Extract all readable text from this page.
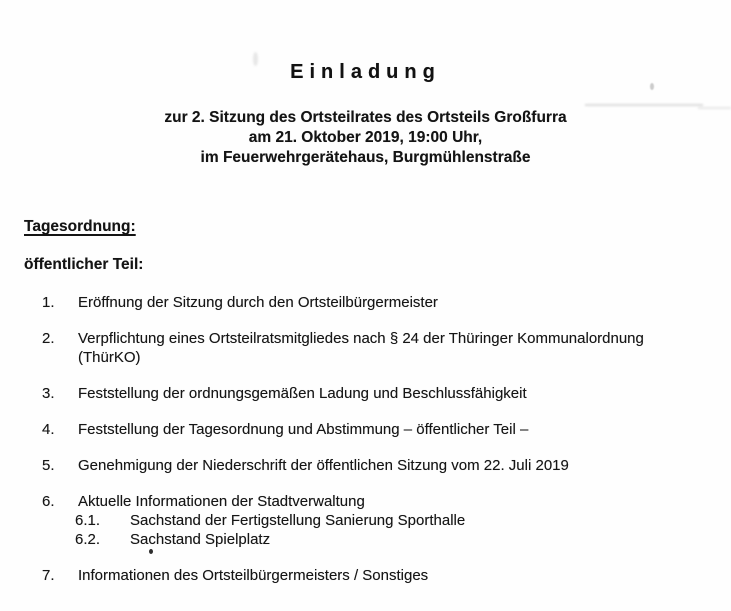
Einladung
zur 2. Sitzung des Ortsteilrates des Ortsteils Großfurra
am 21. Oktober 2019, 19:00 Uhr,
im Feuerwehrgerätehaus, Burgmühlenstraße
Tagesordnung:
öffentlicher Teil:
1.	Eröffnung der Sitzung durch den Ortsteilbürgermeister
2.	Verpflichtung eines Ortsteilratsmitgliedes nach § 24 der Thüringer Kommunalordnung
(ThürKO)
3.	Feststellung der ordnungsgemäßen Ladung und Beschlussfähigkeit
4.	Feststellung der Tagesordnung und Abstimmung – öffentlicher Teil –
5.	Genehmigung der Niederschrift der öffentlichen Sitzung vom 22. Juli 2019
6.	Aktuelle Informationen der Stadtverwaltung
6.1.	Sachstand der Fertigstellung Sanierung Sporthalle
6.2.	Sachstand Spielplatz
7.	Informationen des Ortsteilbürgermeisters / Sonstiges
